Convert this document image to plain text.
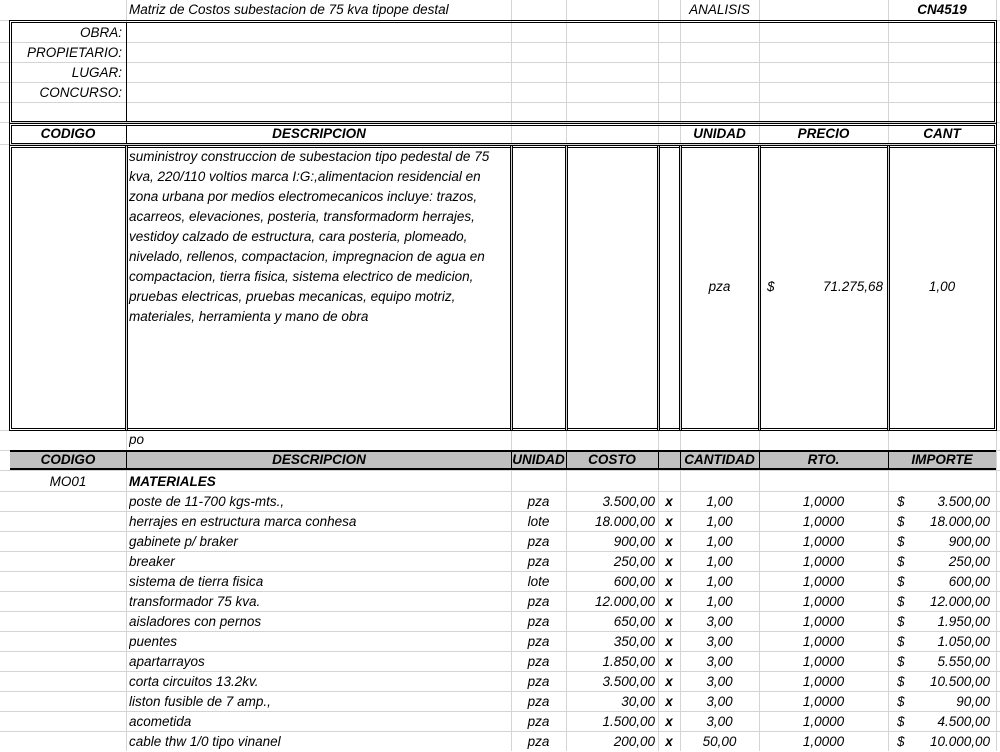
Matriz de Costos subestacion de 75 kva tipope destal	ANALISIS	CN4519
OBRA:
PROPIETARIO:
LUGAR:
CONCURSO:
CODIGO	DESCRIPCION	UNIDAD	PRECIO	CANT
suministroy construccion de subestacion tipo pedestal de 75 kva, 220/110 voltios marca I:G:,alimentacion residencial en zona urbana por medios electromecanicos incluye: trazos, acarreos, elevaciones, posteria, transformadorm herrajes, vestidoy calzado de estructura, cara posteria, plomeado, nivelado, rellenos, compactacion, impregnacion de agua en compactacion, tierra fisica, sistema electrico de medicion, pruebas electricas, pruebas mecanicas, equipo motriz, materiales, herramienta y mano de obra
pza	$	71.275,68	1,00
po
CODIGO	DESCRIPCION	UNIDAD	COSTO	CANTIDAD	RTO.	IMPORTE
MO01	MATERIALES
poste de 11-700 kgs-mts.,	pza	3.500,00 x	1,00	1,0000	$	3.500,00
herrajes en estructura marca conhesa	lote	18.000,00 x	1,00	1,0000	$	18.000,00
gabinete p/ braker	pza	900,00 x	1,00	1,0000	$	900,00
breaker	pza	250,00 x	1,00	1,0000	$	250,00
sistema de tierra fisica	lote	600,00 x	1,00	1,0000	$	600,00
transformador 75 kva.	pza	12.000,00 x	1,00	1,0000	$	12.000,00
aisladores con pernos	pza	650,00 x	3,00	1,0000	$	1.950,00
puentes	pza	350,00 x	3,00	1,0000	$	1.050,00
apartarrayos	pza	1.850,00 x	3,00	1,0000	$	5.550,00
corta circuitos 13.2kv.	pza	3.500,00 x	3,00	1,0000	$	10.500,00
liston fusible de 7 amp.,	pza	30,00 x	3,00	1,0000	$	90,00
acometida	pza	1.500,00 x	3,00	1,0000	$	4.500,00
cable thw 1/0 tipo vinanel	pza	200,00 x	50,00	1,0000	$	10.000,00
